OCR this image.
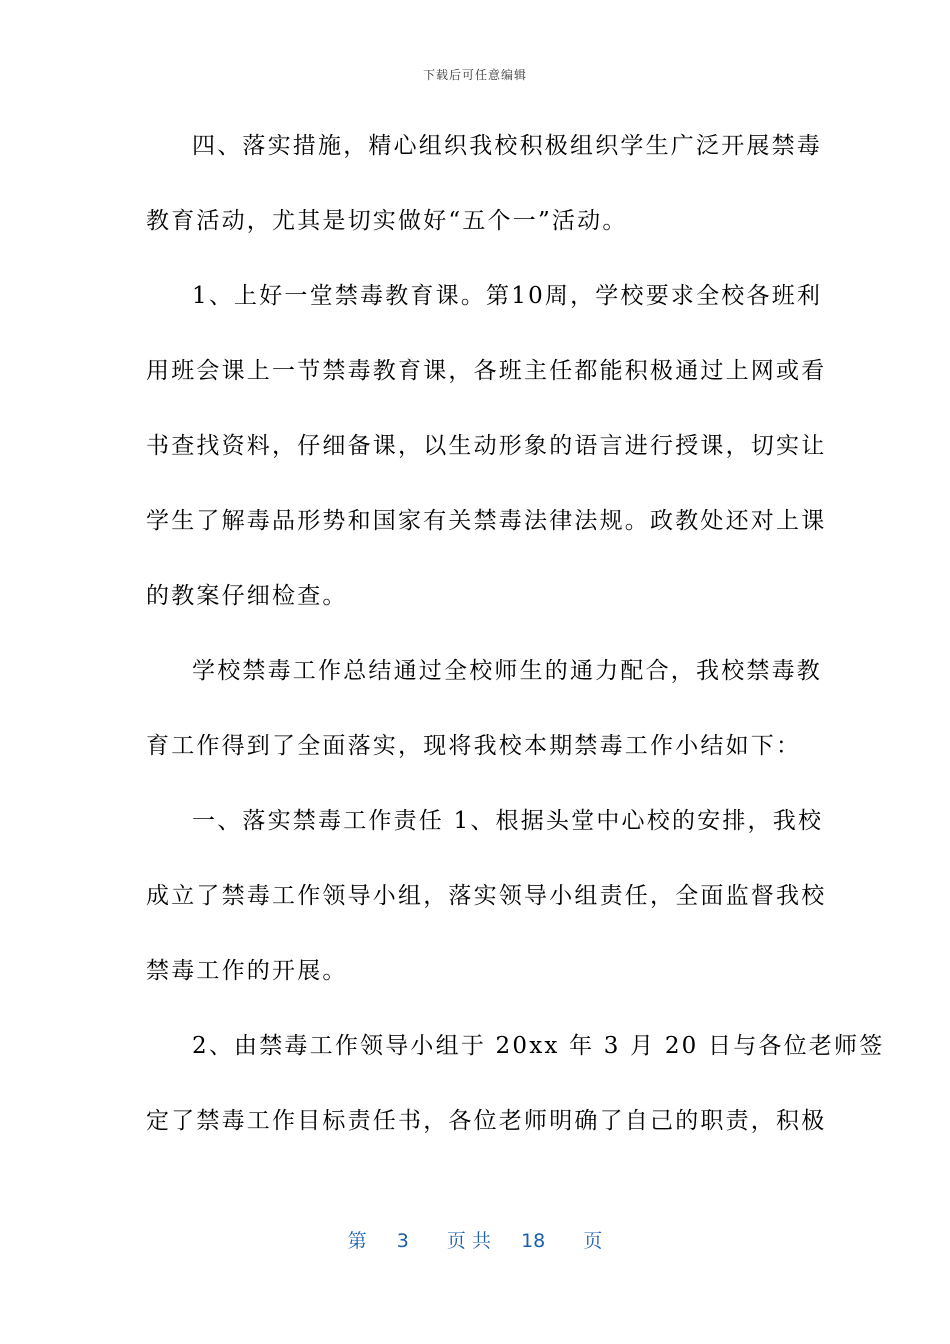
下载后可任意编辑
四、落实措施，精心组织我校积极组织学生广泛开展禁毒
教育活动，尤其是切实做好“五个一”活动。
1、上好一堂禁毒教育课。第10周，学校要求全校各班利
用班会课上一节禁毒教育课，各班主任都能积极通过上网或看
书查找资料，仔细备课，以生动形象的语言进行授课，切实让
学生了解毒品形势和国家有关禁毒法律法规。政教处还对上课
的教案仔细检查。
学校禁毒工作总结通过全校师生的通力配合，我校禁毒教
育工作得到了全面落实，现将我校本期禁毒工作小结如下：
一、落实禁毒工作责任 1、根据头堂中心校的安排，我校
成立了禁毒工作领导小组，落实领导小组责任，全面监督我校
禁毒工作的开展。
2、由禁毒工作领导小组于 20xx 年 3 月 20 日与各位老师签
定了禁毒工作目标责任书，各位老师明确了自己的职责，积极
第 3 页 共 18 页
